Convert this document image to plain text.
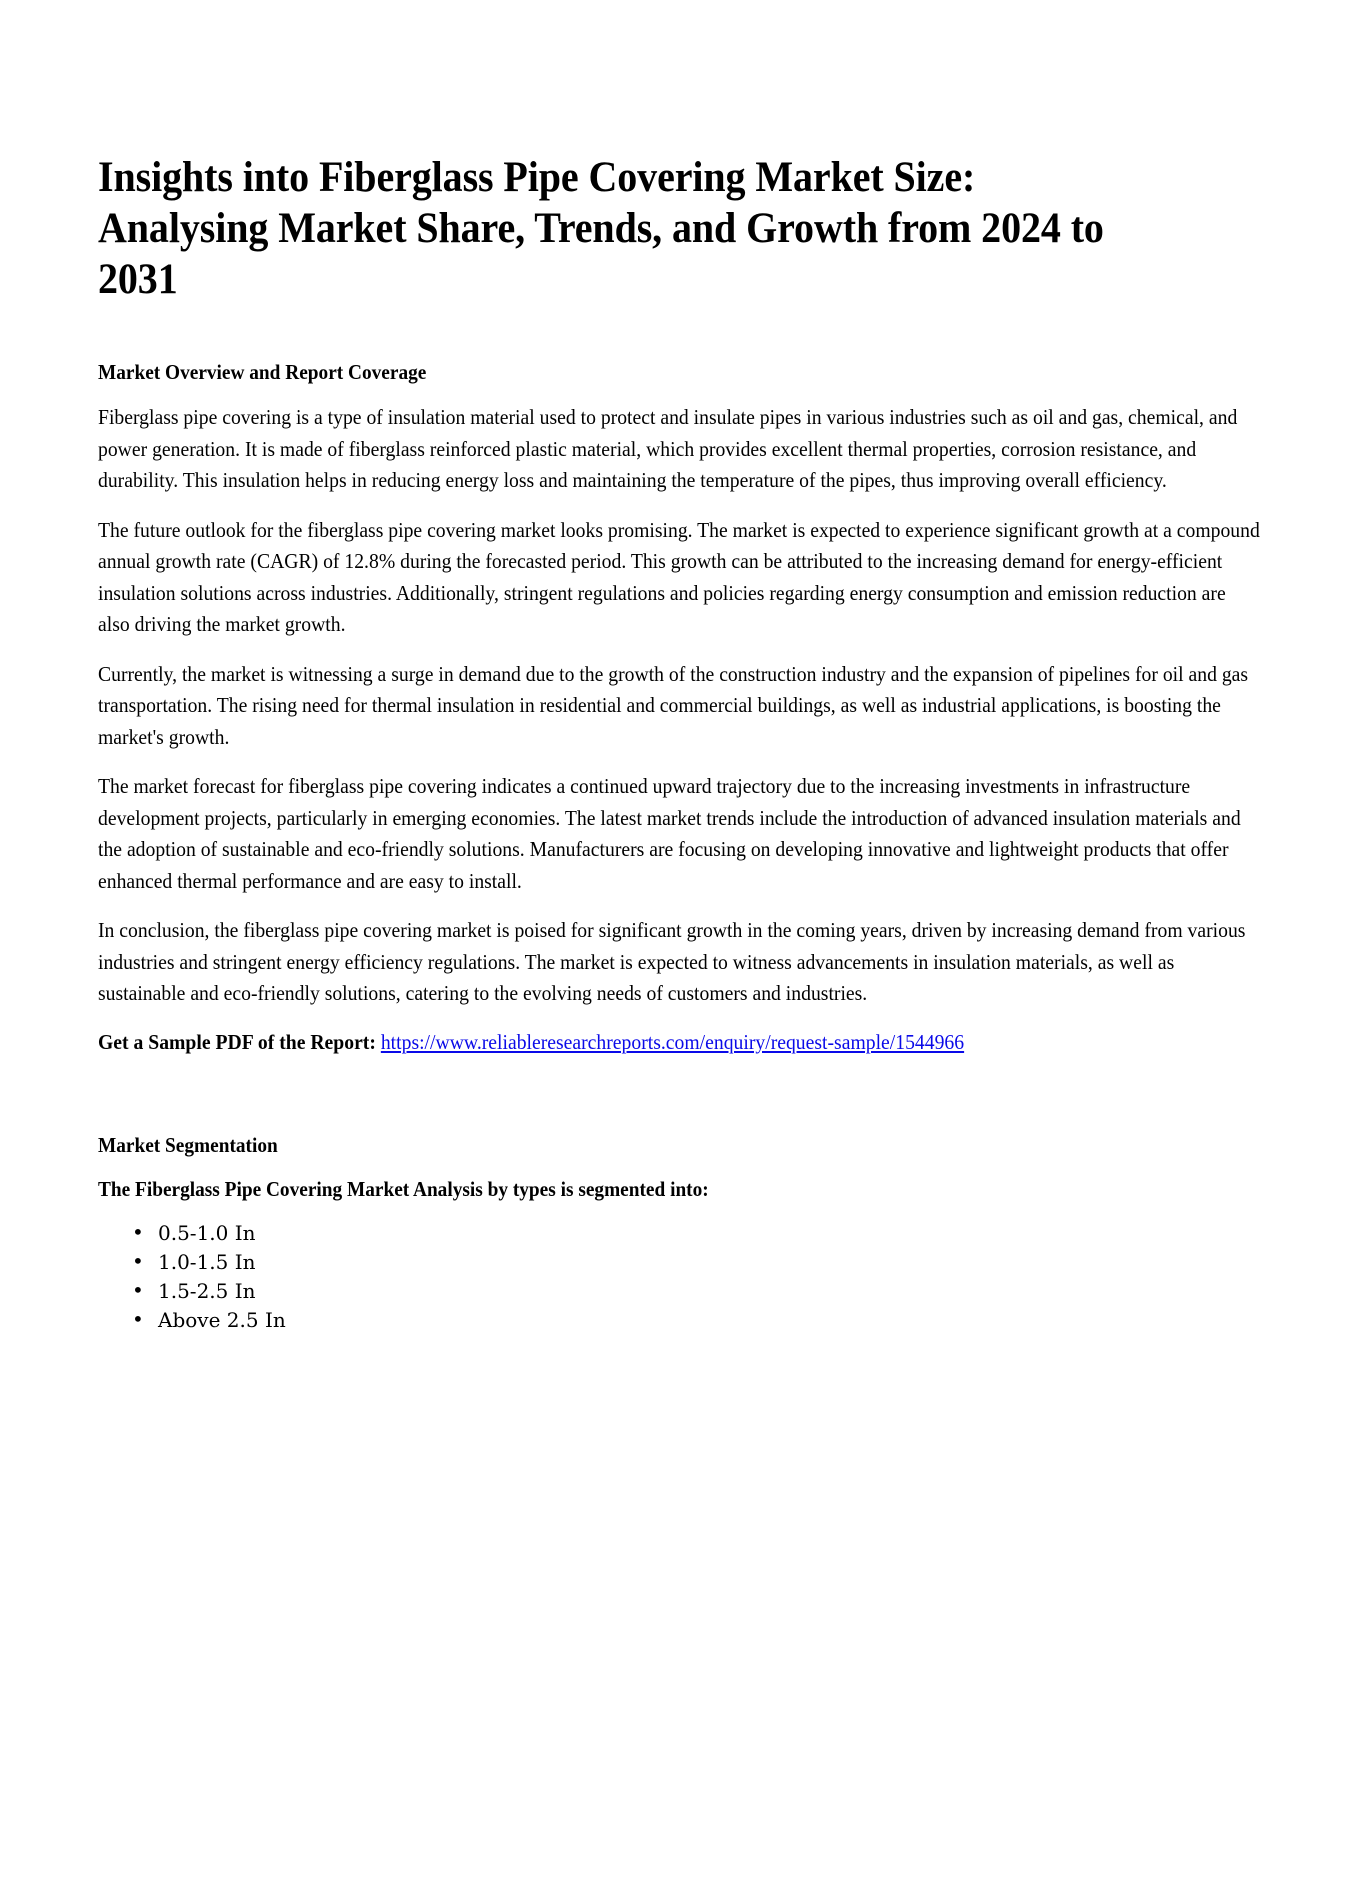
Insights into Fiberglass Pipe Covering Market Size: Analysing Market Share, Trends, and Growth from 2024 to 2031
Market Overview and Report Coverage

Fiberglass pipe covering is a type of insulation material used to protect and insulate pipes in various industries such as oil and gas, chemical, and power generation. It is made of fiberglass reinforced plastic material, which provides excellent thermal properties, corrosion resistance, and durability. This insulation helps in reducing energy loss and maintaining the temperature of the pipes, thus improving overall efficiency.

The future outlook for the fiberglass pipe covering market looks promising. The market is expected to experience significant growth at a compound annual growth rate (CAGR) of 12.8% during the forecasted period. This growth can be attributed to the increasing demand for energy-efficient insulation solutions across industries. Additionally, stringent regulations and policies regarding energy consumption and emission reduction are also driving the market growth.

Currently, the market is witnessing a surge in demand due to the growth of the construction industry and the expansion of pipelines for oil and gas transportation. The rising need for thermal insulation in residential and commercial buildings, as well as industrial applications, is boosting the market's growth.

The market forecast for fiberglass pipe covering indicates a continued upward trajectory due to the increasing investments in infrastructure development projects, particularly in emerging economies. The latest market trends include the introduction of advanced insulation materials and the adoption of sustainable and eco-friendly solutions. Manufacturers are focusing on developing innovative and lightweight products that offer enhanced thermal performance and are easy to install.

In conclusion, the fiberglass pipe covering market is poised for significant growth in the coming years, driven by increasing demand from various industries and stringent energy efficiency regulations. The market is expected to witness advancements in insulation materials, as well as sustainable and eco-friendly solutions, catering to the evolving needs of customers and industries.

Get a Sample PDF of the Report: https://www.reliableresearchreports.com/enquiry/request-sample/1544966

Market Segmentation
The Fiberglass Pipe Covering Market Analysis by types is segmented into:
• 0.5-1.0 In
• 1.0-1.5 In
• 1.5-2.5 In
• Above 2.5 In
